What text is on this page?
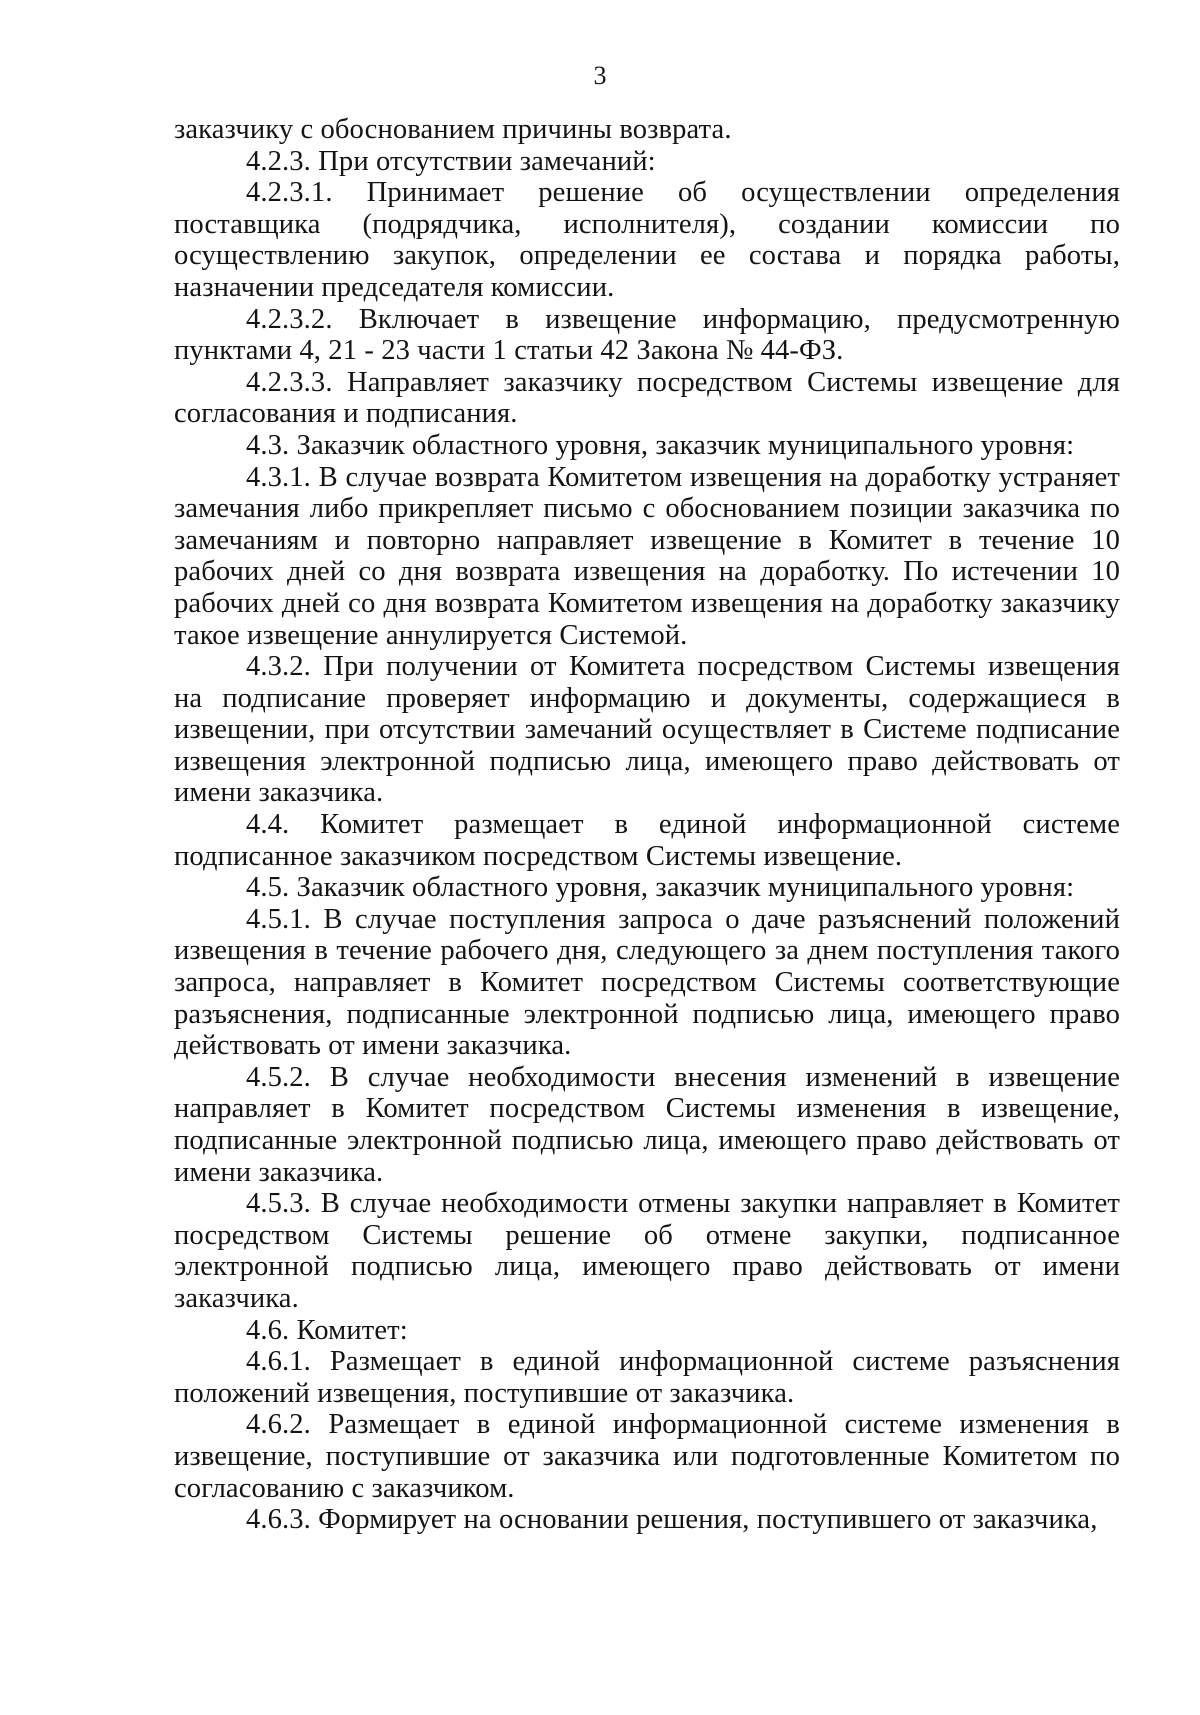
3

заказчику с обоснованием причины возврата.

4.2.3. При отсутствии замечаний:

4.2.3.1. Принимает решение об осуществлении определения поставщика (подрядчика, исполнителя), создании комиссии по осуществлению закупок, определении ее состава и порядка работы, назначении председателя комиссии.

4.2.3.2. Включает в извещение информацию, предусмотренную пунктами 4, 21 - 23 части 1 статьи 42 Закона № 44-ФЗ.

4.2.3.3. Направляет заказчику посредством Системы извещение для согласования и подписания.

4.3. Заказчик областного уровня, заказчик муниципального уровня:

4.3.1. В случае возврата Комитетом извещения на доработку устраняет замечания либо прикрепляет письмо с обоснованием позиции заказчика по замечаниям и повторно направляет извещение в Комитет в течение 10 рабочих дней со дня возврата извещения на доработку. По истечении 10 рабочих дней со дня возврата Комитетом извещения на доработку заказчику такое извещение аннулируется Системой.

4.3.2. При получении от Комитета посредством Системы извещения на подписание проверяет информацию и документы, содержащиеся в извещении, при отсутствии замечаний осуществляет в Системе подписание извещения электронной подписью лица, имеющего право действовать от имени заказчика.

4.4. Комитет размещает в единой информационной системе подписанное заказчиком посредством Системы извещение.

4.5. Заказчик областного уровня, заказчик муниципального уровня:

4.5.1. В случае поступления запроса о даче разъяснений положений извещения в течение рабочего дня, следующего за днем поступления такого запроса, направляет в Комитет посредством Системы соответствующие разъяснения, подписанные электронной подписью лица, имеющего право действовать от имени заказчика.

4.5.2. В случае необходимости внесения изменений в извещение направляет в Комитет посредством Системы изменения в извещение, подписанные электронной подписью лица, имеющего право действовать от имени заказчика.

4.5.3. В случае необходимости отмены закупки направляет в Комитет посредством Системы решение об отмене закупки, подписанное электронной подписью лица, имеющего право действовать от имени заказчика.

4.6. Комитет:

4.6.1. Размещает в единой информационной системе разъяснения положений извещения, поступившие от заказчика.

4.6.2. Размещает в единой информационной системе изменения в извещение, поступившие от заказчика или подготовленные Комитетом по согласованию с заказчиком.

4.6.3. Формирует на основании решения, поступившего от заказчика,
